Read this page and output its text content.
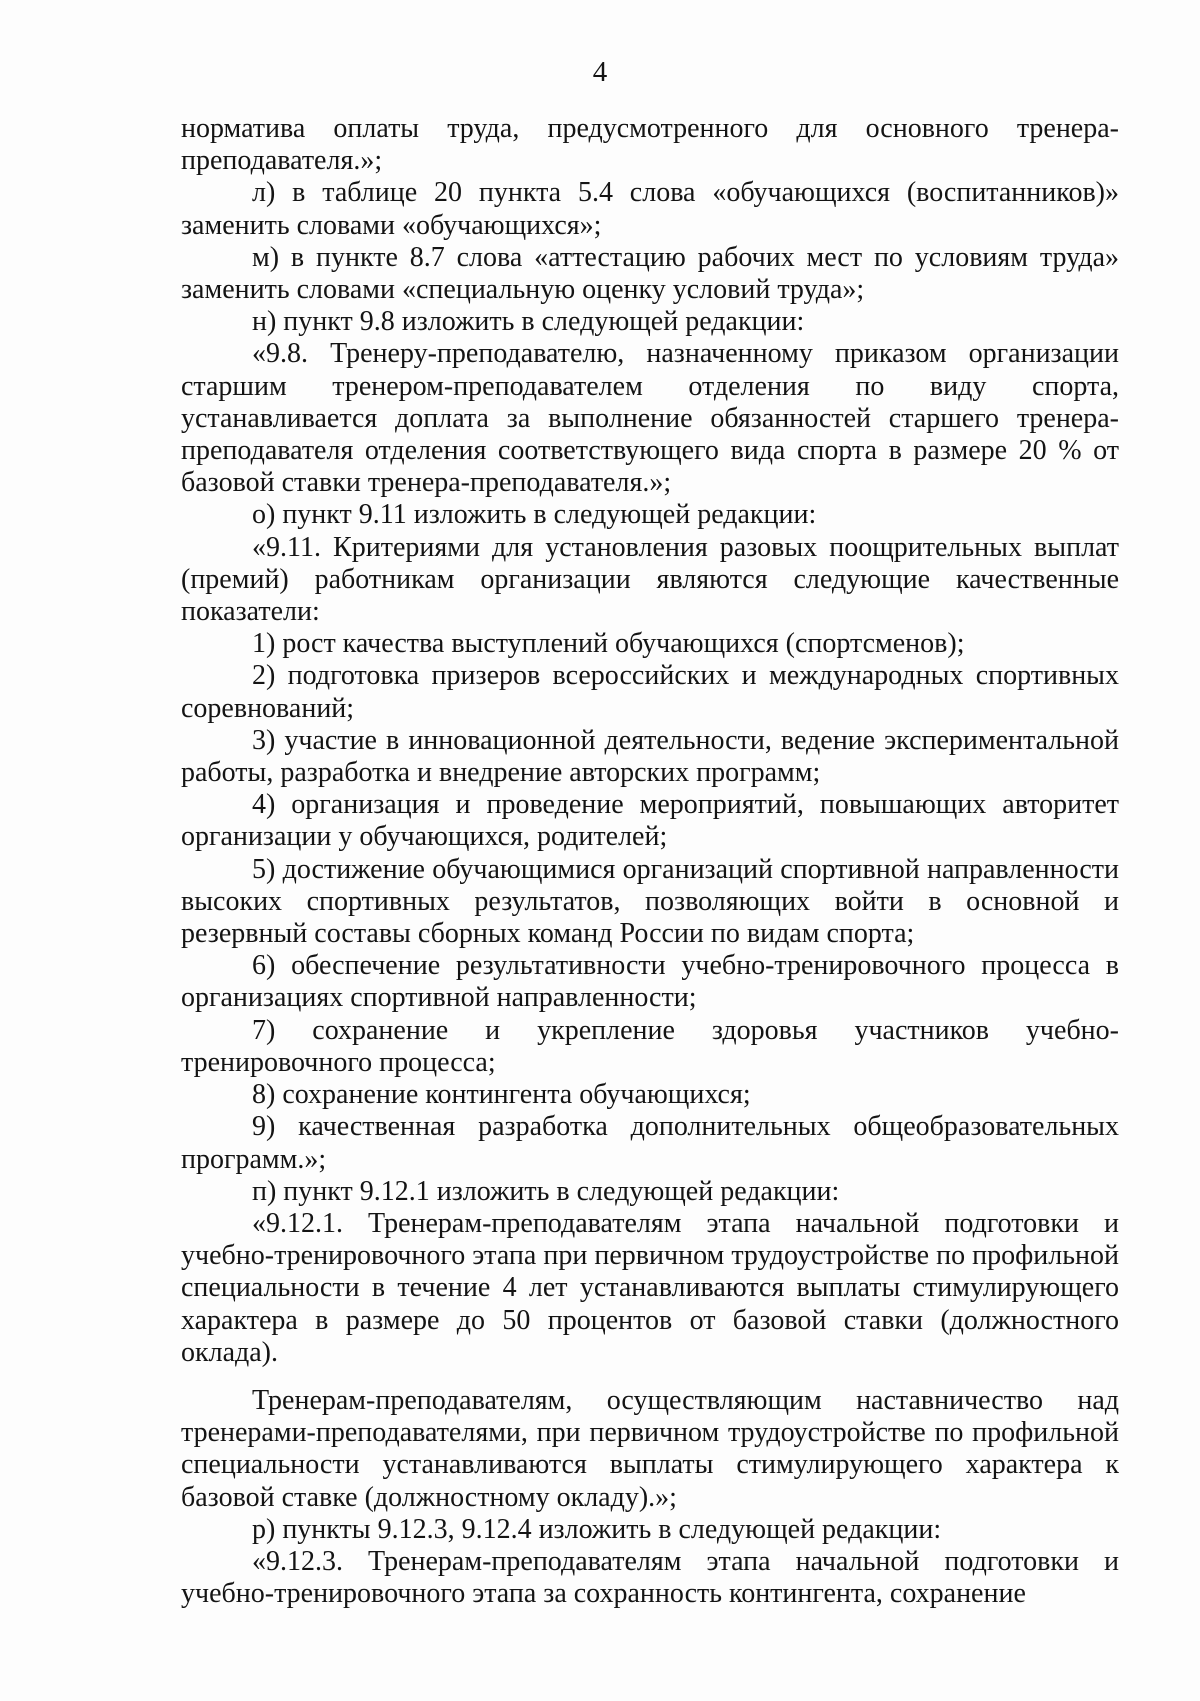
4

норматива оплаты труда, предусмотренного для основного тренера-преподавателя.»;

л) в таблице 20 пункта 5.4 слова «обучающихся (воспитанников)» заменить словами «обучающихся»;

м) в пункте 8.7 слова «аттестацию рабочих мест по условиям труда» заменить словами «специальную оценку условий труда»;

н) пункт 9.8 изложить в следующей редакции:

«9.8. Тренеру-преподавателю, назначенному приказом организации старшим тренером-преподавателем отделения по виду спорта, устанавливается доплата за выполнение обязанностей старшего тренера-преподавателя отделения соответствующего вида спорта в размере 20 % от базовой ставки тренера-преподавателя.»;

о) пункт 9.11 изложить в следующей редакции:

«9.11. Критериями для установления разовых поощрительных выплат (премий) работникам организации являются следующие качественные показатели:

1) рост качества выступлений обучающихся (спортсменов);

2) подготовка призеров всероссийских и международных спортивных соревнований;

3) участие в инновационной деятельности, ведение экспериментальной работы, разработка и внедрение авторских программ;

4) организация и проведение мероприятий, повышающих авторитет организации у обучающихся, родителей;

5) достижение обучающимися организаций спортивной направленности высоких спортивных результатов, позволяющих войти в основной и резервный составы сборных команд России по видам спорта;

6) обеспечение результативности учебно-тренировочного процесса в организациях спортивной направленности;

7) сохранение и укрепление здоровья участников учебно-тренировочного процесса;

8) сохранение контингента обучающихся;

9) качественная разработка дополнительных общеобразовательных программ.»;

п) пункт 9.12.1 изложить в следующей редакции:

«9.12.1. Тренерам-преподавателям этапа начальной подготовки и учебно-тренировочного этапа при первичном трудоустройстве по профильной специальности в течение 4 лет устанавливаются выплаты стимулирующего характера в размере до 50 процентов от базовой ставки (должностного оклада).

Тренерам-преподавателям, осуществляющим наставничество над тренерами-преподавателями, при первичном трудоустройстве по профильной специальности устанавливаются выплаты стимулирующего характера к базовой ставке (должностному окладу).»;

р) пункты 9.12.3, 9.12.4 изложить в следующей редакции:

«9.12.3. Тренерам-преподавателям этапа начальной подготовки и учебно-тренировочного этапа за сохранность контингента, сохранение
